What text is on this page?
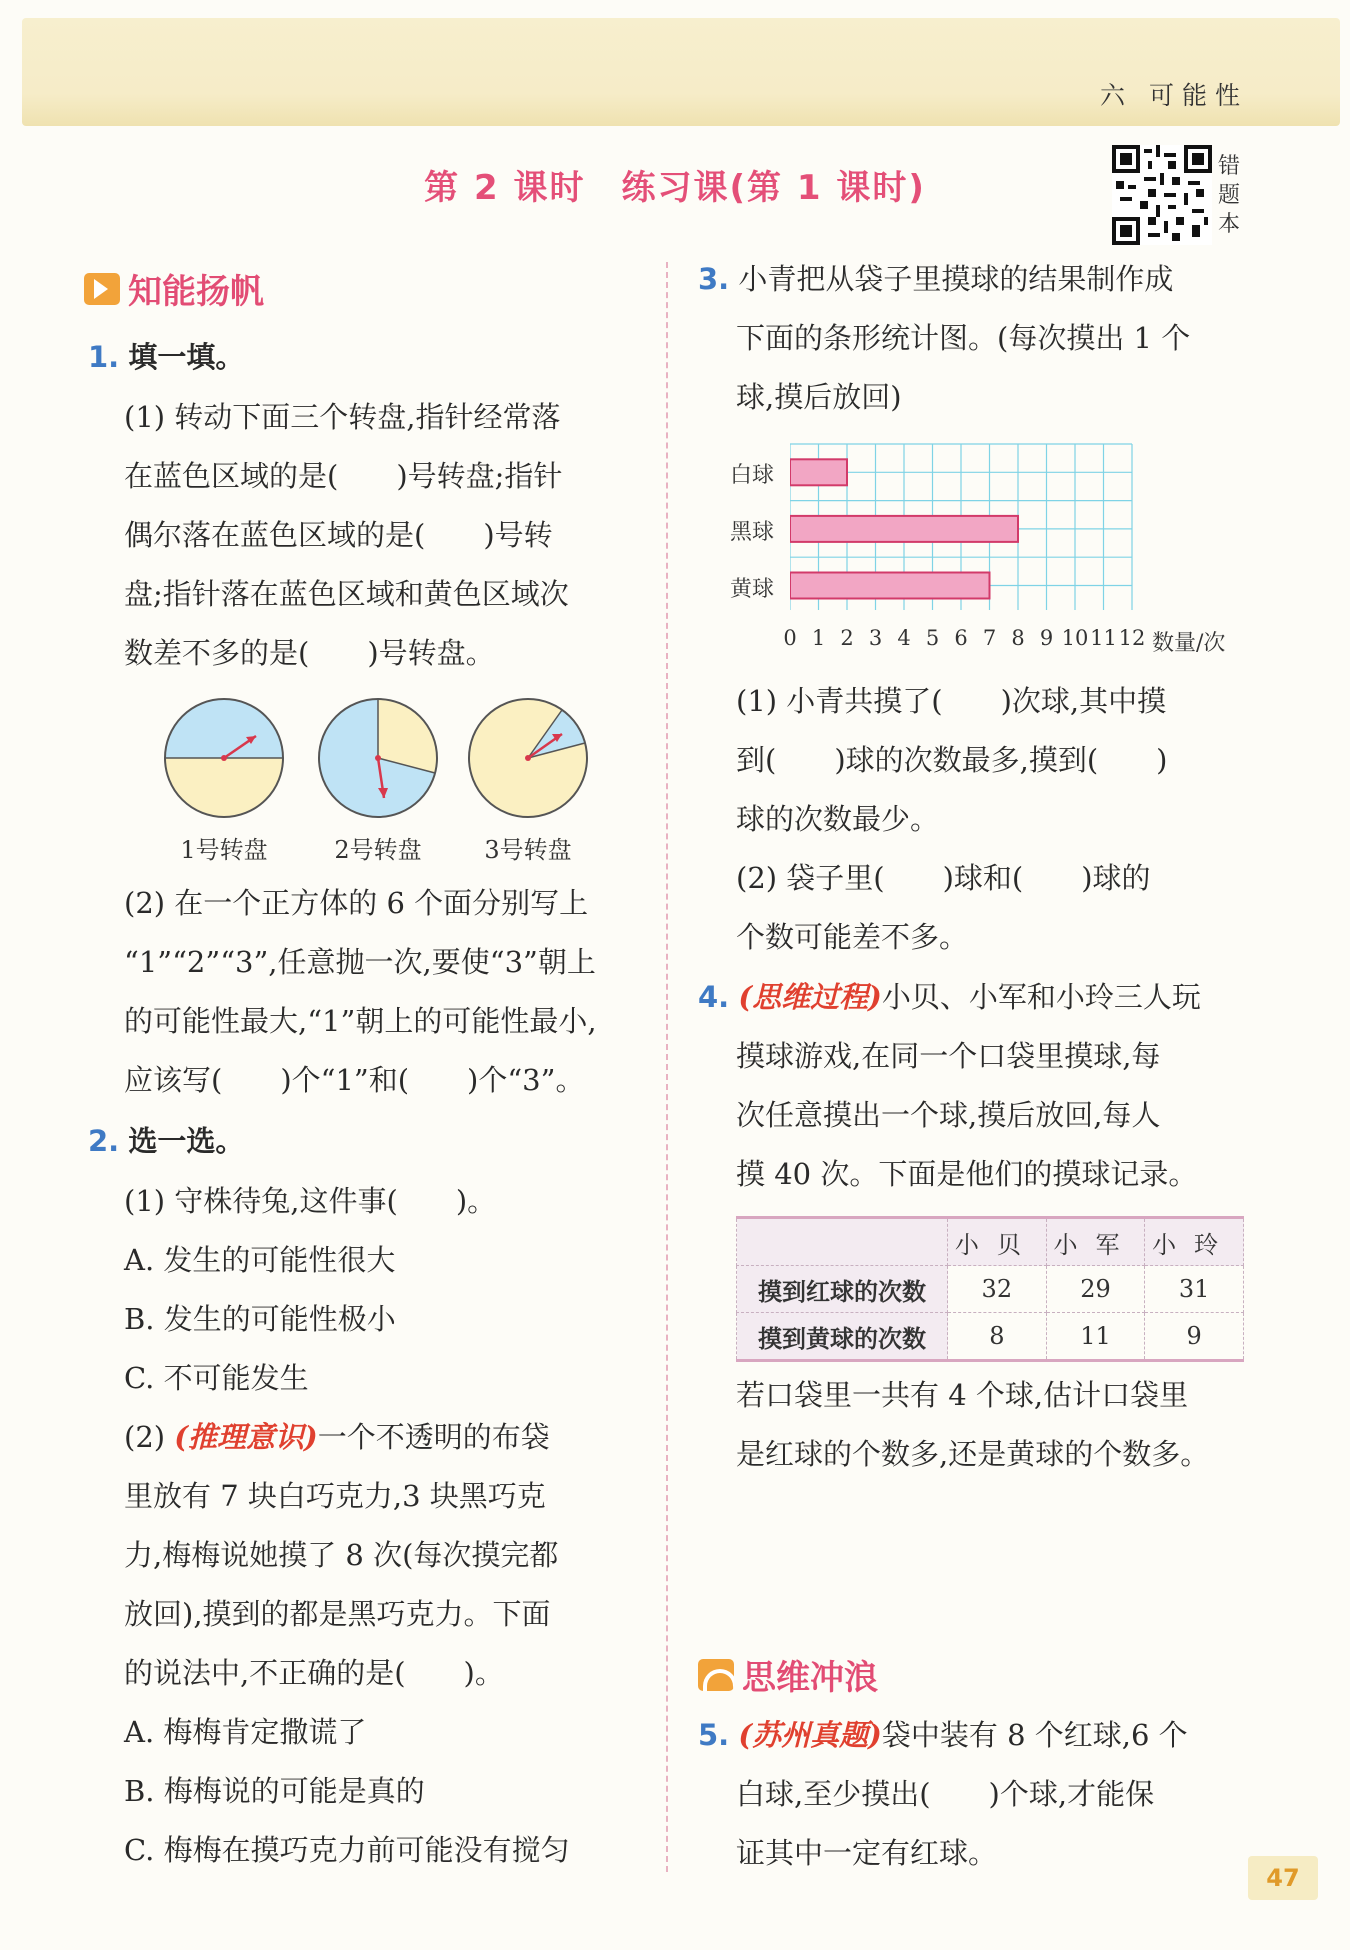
六 可能性
第 2 课时　练习课(第 1 课时)
错
题
本
知能扬帆
1. 填一填。
(1) 转动下面三个转盘,指针经常落
在蓝色区域的是(　　)号转盘;指针
偶尔落在蓝色区域的是(　　)号转
盘;指针落在蓝色区域和黄色区域次
数差不多的是(　　)号转盘。
1号转盘	2号转盘	3号转盘
(2) 在一个正方体的 6 个面分别写上
“1”“2”“3”,任意抛一次,要使“3”朝上
的可能性最大,“1”朝上的可能性最小,
应该写(　　)个“1”和(　　)个“3”。
2. 选一选。
(1) 守株待兔,这件事(　　)。
A. 发生的可能性很大
B. 发生的可能性极小
C. 不可能发生
(2) (推理意识)一个不透明的布袋
里放有 7 块白巧克力,3 块黑巧克
力,梅梅说她摸了 8 次(每次摸完都
放回),摸到的都是黑巧克力。下面
的说法中,不正确的是(　　)。
A. 梅梅肯定撒谎了
B. 梅梅说的可能是真的
C. 梅梅在摸巧克力前可能没有搅匀
3. 小青把从袋子里摸球的结果制作成
下面的条形统计图。(每次摸出 1 个
球,摸后放回)
白球
黑球
黄球
0 1 2 3 4 5 6 7 8 9 10 11 12 数量/次
(1) 小青共摸了(　　)次球,其中摸
到(　　)球的次数最多,摸到(　　)
球的次数最少。
(2) 袋子里(　　)球和(　　)球的
个数可能差不多。
4. (思维过程)小贝、小军和小玲三人玩
摸球游戏,在同一个口袋里摸球,每
次任意摸出一个球,摸后放回,每人
摸 40 次。下面是他们的摸球记录。
	小贝	小军	小玲
摸到红球的次数	32	29	31
摸到黄球的次数	8	11	9
若口袋里一共有 4 个球,估计口袋里
是红球的个数多,还是黄球的个数多。
思维冲浪
5. (苏州真题)袋中装有 8 个红球,6 个
白球,至少摸出(　　)个球,才能保
证其中一定有红球。
47
